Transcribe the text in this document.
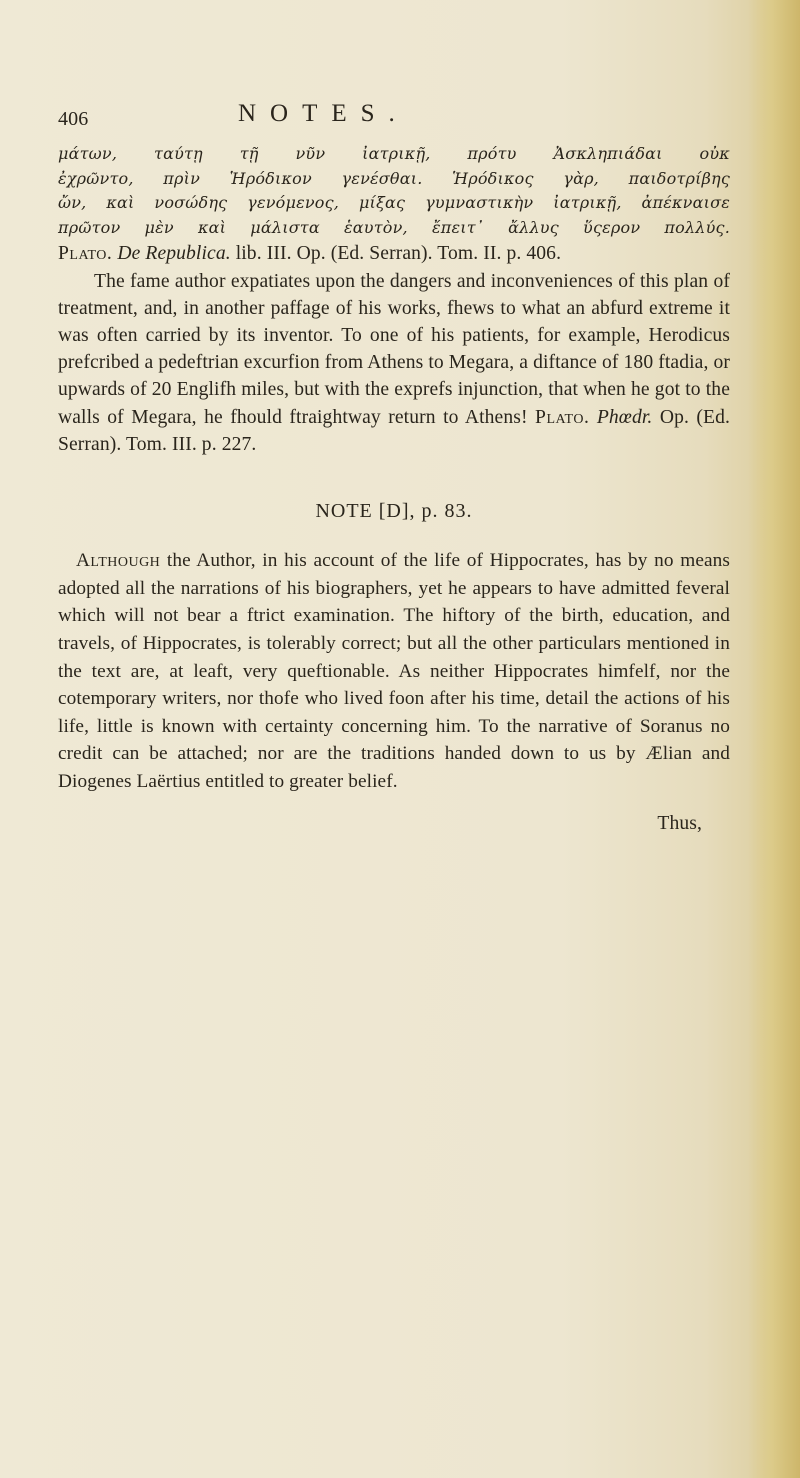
406	NOTES.

μάτων, ταύτῃ τῇ νῦν ἰατρικῇ, πρότυ Ἀσκληπιάδαι οὐκ

ἐχρῶντο, πρὶν Ἡρόδικον γενέσθαι. Ἡρόδικος γὰρ, παιδοτρίβης

ὤν, καὶ νοσώδης γενόμενος, μίξας γυμναστικὴν ἰατρικῇ, ἀπέκναισε

πρῶτον μὲν καὶ μάλιστα ἑαυτὸν, ἔπειτ᾽ ἄλλυς ὕςερον πολλύς.

Plato. De Republica. lib. III. Op. (Ed. Serran). Tom. II. p. 406.

The fame author expatiates upon the dangers and inconveniences of this plan of treatment, and, in another paffage of his works, fhews to what an abfurd extreme it was often carried by its inventor. To one of his patients, for example, Herodicus prefcribed a pedeftrian excurfion from Athens to Megara, a diftance of 180 ftadia, or upwards of 20 Englifh miles, but with the exprefs injunction, that when he got to the walls of Megara, he fhould ftraightway return to Athens! Plato. Phœdr. Op. (Ed. Serran). Tom. III. p. 227.

NOTE [D], p. 83.

Although the Author, in his account of the life of Hippocrates, has by no means adopted all the narrations of his biographers, yet he appears to have admitted feveral which will not bear a ftrict examination. The hiftory of the birth, education, and travels, of Hippocrates, is tolerably correct; but all the other particulars mentioned in the text are, at leaft, very queftionable. As neither Hippocrates himfelf, nor the cotemporary writers, nor thofe who lived foon after his time, detail the actions of his life, little is known with certainty concerning him. To the narrative of Soranus no credit can be attached; nor are the traditions handed down to us by Ælian and Diogenes Laërtius entitled to greater belief.

Thus,
